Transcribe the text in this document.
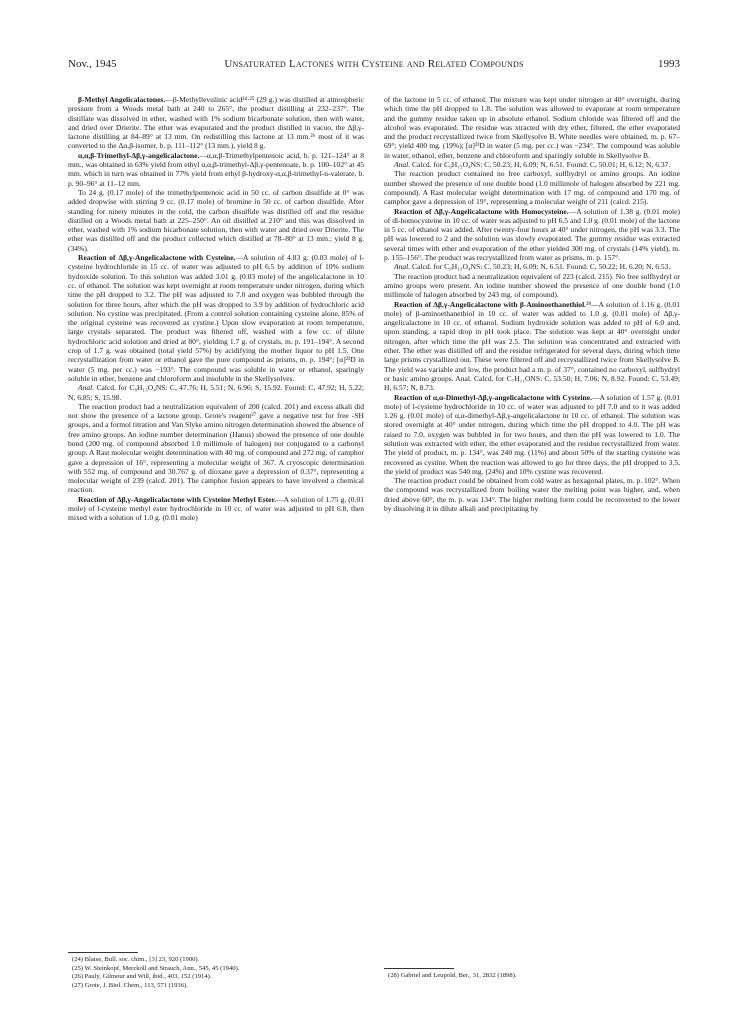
Nov., 1945	Unsaturated Lactones with Cysteine and Related Compounds	1993

β-Methyl Angelicalactones.—β-Methyllevulinic acid²⁴·²⁵ (29 g.) was distilled at atmospheric pressure from a Woods metal bath at 240 to 265°, the product distilling at 232–237°. The distillate was dissolved in ether, washed with 1% sodium bicarbonate solution, then with water, and dried over Drierite. The ether was evaporated and the product distilled in vacuo, the Δβ,γ-lactone distilling at 84–89° at 13 mm. On redistilling this lactone at 13 mm.²⁶ most of it was converted to the Δα,β-isomer, b. p. 111–112° (13 mm.), yield 8 g.

α,α,β-Trimethyl-Δβ,γ-angelicalactone.—α,α,β-Trimethylpentenoic acid, b. p. 121–124° at 8 mm., was obtained in 63% yield from ethyl α,α,β-trimethyl-Δβ,γ-pentenoate, b. p. 100–102° at 45 mm. which in turn was obtained in 77% yield from ethyl β-hydroxy-α,α,β-trimethyl-n-valerate, b. p. 90–96° at 11–12 mm.

To 24 g. (0.17 mole) of the trimethylpentenoic acid in 50 cc. of carbon disulfide at 0° was added dropwise with stirring 9 cc. (0.17 mole) of bromine in 50 cc. of carbon disulfide. After standing for ninety minutes in the cold, the carbon disulfide was distilled off and the residue distilled on a Woods metal bath at 225–250°. An oil distilled at 210° and this was dissolved in ether, washed with 1% sodium bicarbonate solution, then with water and dried over Drierite. The ether was distilled off and the product collected which distilled at 78–80° at 13 mm.; yield 8 g. (34%).

Reaction of Δβ,γ-Angelicalactone with Cysteine.—A solution of 4.83 g. (0.03 mole) of l-cysteine hydrochloride in 15 cc. of water was adjusted to pH 6.5 by addition of 10% sodium hydroxide solution. To this solution was added 3.01 g. (0.03 mole) of the angelicalactone in 10 cc. of ethanol. The solution was kept overnight at room temperature under nitrogen, during which time the pH dropped to 3.2. The pH was adjusted to 7.0 and oxygen was bubbled through the solution for three hours, after which the pH was dropped to 3.9 by addition of hydrochloric acid solution. No cystine was precipitated. (From a control solution containing cysteine alone, 85% of the original cysteine was recovered as cystine.) Upon slow evaporation at room temperature, large crystals separated. The product was filtered off, washed with a few cc. of dilute hydrochloric acid solution and dried at 80°, yielding 1.7 g. of crystals, m. p. 191–194°. A second crop of 1.7 g. was obtained (total yield 57%) by acidifying the mother liquor to pH 1.5. One recrystallization from water or ethanol gave the pure compound as prisms, m. p. 194°; [α]²³D in water (5 mg. per cc.) was −193°. The compound was soluble in water or ethanol, sparingly soluble in ether, benzene and chloroform and insoluble in the Skellysolves.

Anal. Calcd. for C₈H₁₃O₄NS: C, 47.76; H, 5.51; N, 6.96; S, 15.92. Found: C, 47.92; H, 5.22; N, 6.85; S, 15.98.

The reaction product had a neutralization equivalent of 200 (calcd. 201) and excess alkali did not show the presence of a lactone group. Grote's reagent²⁷ gave a negative test for free -SH groups, and a formol titration and Van Slyke amino nitrogen determination showed the absence of free amino groups. An iodine number determination (Hanus) showed the presence of one double bond (200 mg. of compound absorbed 1.0 millimole of halogen) not conjugated to a carbonyl group. A Rast molecular weight determination with 40 mg. of compound and 272 mg. of camphor gave a depression of 16°, representing a molecular weight of 367. A cryoscopic determination with 552 mg. of compound and 30.767 g. of dioxane gave a depression of 0.37°, representing a molecular weight of 239 (calcd. 201). The camphor fusion appears to have involved a chemical reaction.

Reaction of Δβ,γ-Angelicalactone with Cysteine Methyl Ester.—A solution of 1.75 g. (0.01 mole) of l-cysteine methyl ester hydrochloride in 10 cc. of water was adjusted to pH 6.8, then mixed with a solution of 1.0 g. (0.01 mole)

of the lactone in 5 cc. of ethanol. The mixture was kept under nitrogen at 40° overnight, during which time the pH dropped to 1.8. The solution was allowed to evaporate at room temperature and the gummy residue taken up in absolute ethanol. Sodium chloride was filtered off and the alcohol was evaporated. The residue was xtracted with dry ether, filtered, the ether evaporated and the product recrystallized twice from Skellysolve B. White needles were obtained, m. p. 67–69°; yield 400 mg. (19%); [α]²³D in water (5 mg. per cc.) was −234°. The compound was soluble in water, ethanol, ether, benzene and chloroform and sparingly soluble in Skellysolve B.

Anal. Calcd. for C₉H₁₅O₄NS: C, 50.23; H, 6.09; N, 6.51. Found: C, 50.01; H, 6.12; N, 6.37.

The reaction product contained no free carboxyl, sulfhydryl or amino groups. An iodine number showed the presence of one double bond (1.0 millimole of halogen absorbed by 221 mg. compound). A Rast molecular weight determination with 17 mg. of compound and 170 mg. of camphor gave a depression of 19°, representing a molecular weight of 211 (calcd. 215).

Reaction of Δβ,γ-Angelicalactone with Homocysteine.—A solution of 1.38 g. (0.01 mole) of dl-homocysteine in 10 cc. of water was adjusted to pH 6.5 and 1.0 g. (0.01 mole) of the lactone in 5 cc. of ethanol was added. After twenty-four hours at 40° under nitrogen, the pH was 3.3. The pH was lowered to 2 and the solution was slowly evaporated. The gummy residue was extracted several times with ether and evaporation of the ether yielded 300 mg. of crystals (14% yield), m. p. 155–156°. The product was recrystallized from water as prisms, m. p. 157°.

Anal. Calcd. for C₉H₁₅O₄NS: C, 50.23; H, 6.09; N, 6.51. Found: C, 50.22; H, 6.20; N, 6.53.

The reaction product had a neutralization equivalent of 223 (calcd. 215). No free sulfhydryl or amino groups were present. An iodine number showed the presence of one double bond (1.0 millimole of halogen absorbed by 243 mg. of compound).

Reaction of Δβ,γ-Angelicalactone with β-Aminoethanethiol.²⁸—A solution of 1.16 g. (0.01 mole) of β-aminoethanethiol in 10 cc. of water was added to 1.0 g. (0.01 mole) of Δβ,γ-angelicalactone in 10 cc. of ethanol. Sodium hydroxide solution was added to pH of 6.0 and, upon standing, a rapid drop in pH took place. The solution was kept at 40° overnight under nitrogen, after which time the pH was 2.5. The solution was concentrated and extracted with ether. The ether was distilled off and the residue refrigerated for several days, during which time large prisms crystallized out. These were filtered off and recrystallized twice from Skellysolve B. The yield was variable and low, the product had a m. p. of 37°, contained no carboxyl, sulfhydryl or basic amino groups. Anal. Calcd. for C₇H₁₁ONS: C, 53.50; H, 7.06; N, 8.92. Found: C, 53.49; H, 6.57; N, 8.73.

Reaction of α,α-Dimethyl-Δβ,γ-angelicalactone with Cysteine.—A solution of 1.57 g. (0.01 mole) of l-cysteine hydrochloride in 10 cc. of water was adjusted to pH 7.0 and to it was added 1.26 g. (0.01 mole) of α,α-dimethyl-Δβ,γ-angelicalactone in 10 cc. of ethanol. The solution was stored overnight at 40° under nitrogen, during which time the pH dropped to 4.0. The pH was raised to 7.0, oxygen was bubbled in for two hours, and then the pH was lowered to 1.0. The solution was extracted with ether, the ether evaporated and the residue recrystallized from water. The yield of product, m. p. 134°, was 240 mg. (11%) and about 50% of the starting cysteine was recovered as cystine. When the reaction was allowed to go for three days, the pH dropped to 3.5, the yield of product was 540 mg. (24%) and 10% cystine was recovered.

The reaction product could be obtained from cold water as hexagonal plates, m. p. 102°. When the compound was recrystallized from boiling water the melting point was higher, and, when dried above 60°, the m. p. was 134°. The higher melting form could be reconverted to the lower by dissolving it in dilute alkali and precipitating by

(24) Blaise, Bull. soc. chim., [3] 23, 920 (1900).

(25) W. Steinkopf, Merckoll and Strauch, Ann., 545, 45 (1940).

(26) Pauly, Gilmour and Will, ibid., 403, 152 (1914).

(27) Grote, J. Biol. Chem., 113, 571 (1936).

(28) Gabriel and Leupold, Ber., 31, 2832 (1898).
